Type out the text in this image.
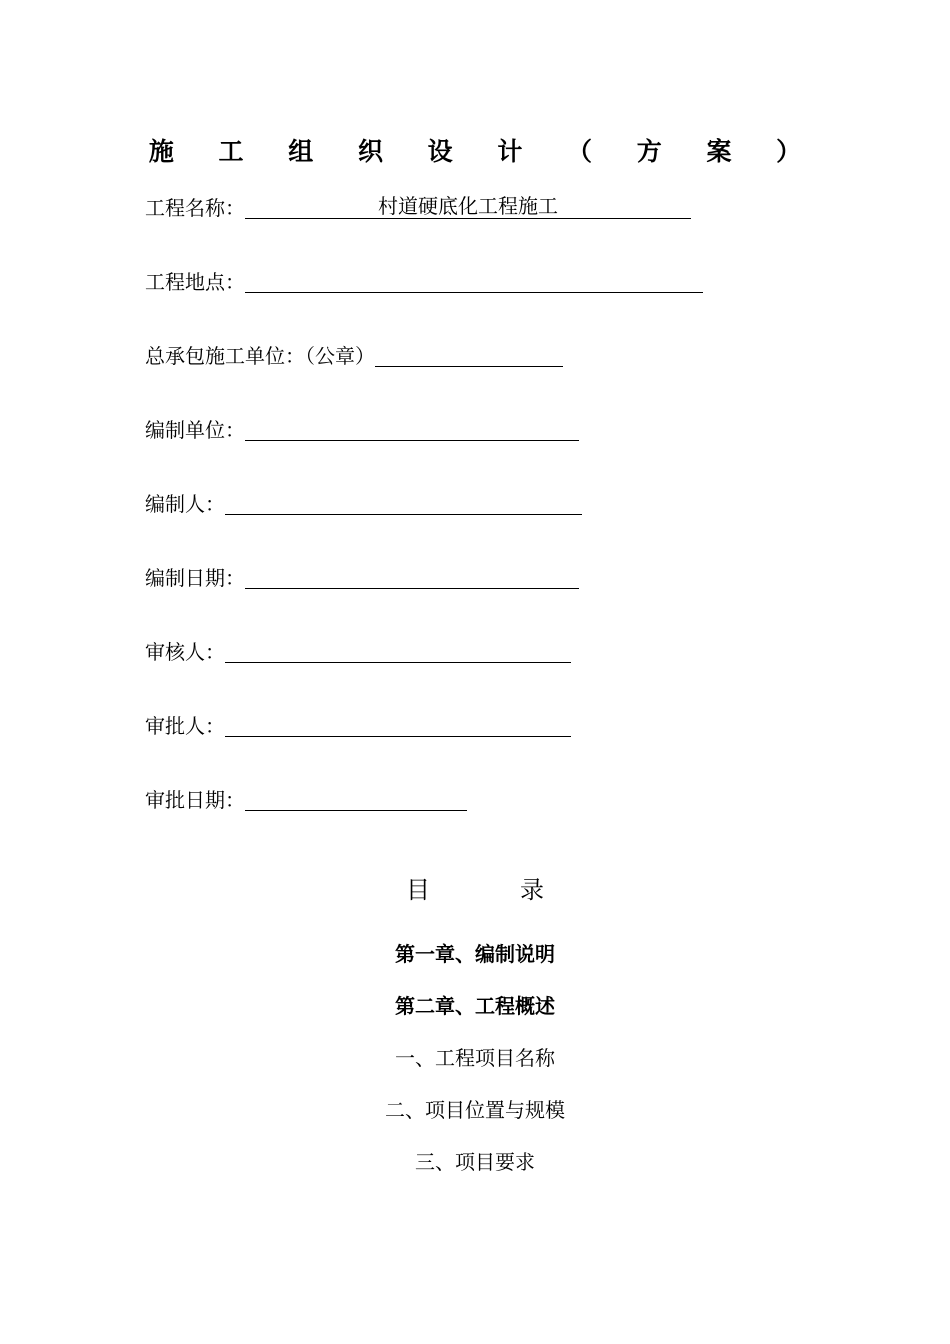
施 工 组 织 设 计 （ 方 案 ）
工程名称：	村道硬底化工程施工
工程地点：
总承包施工单位：（公章）
编制单位：
编制人：
编制日期：
审核人：
审批人：
审批日期：
目	录
第一章、编制说明
第二章、工程概述
一、工程项目名称
二、项目位置与规模
三、项目要求
